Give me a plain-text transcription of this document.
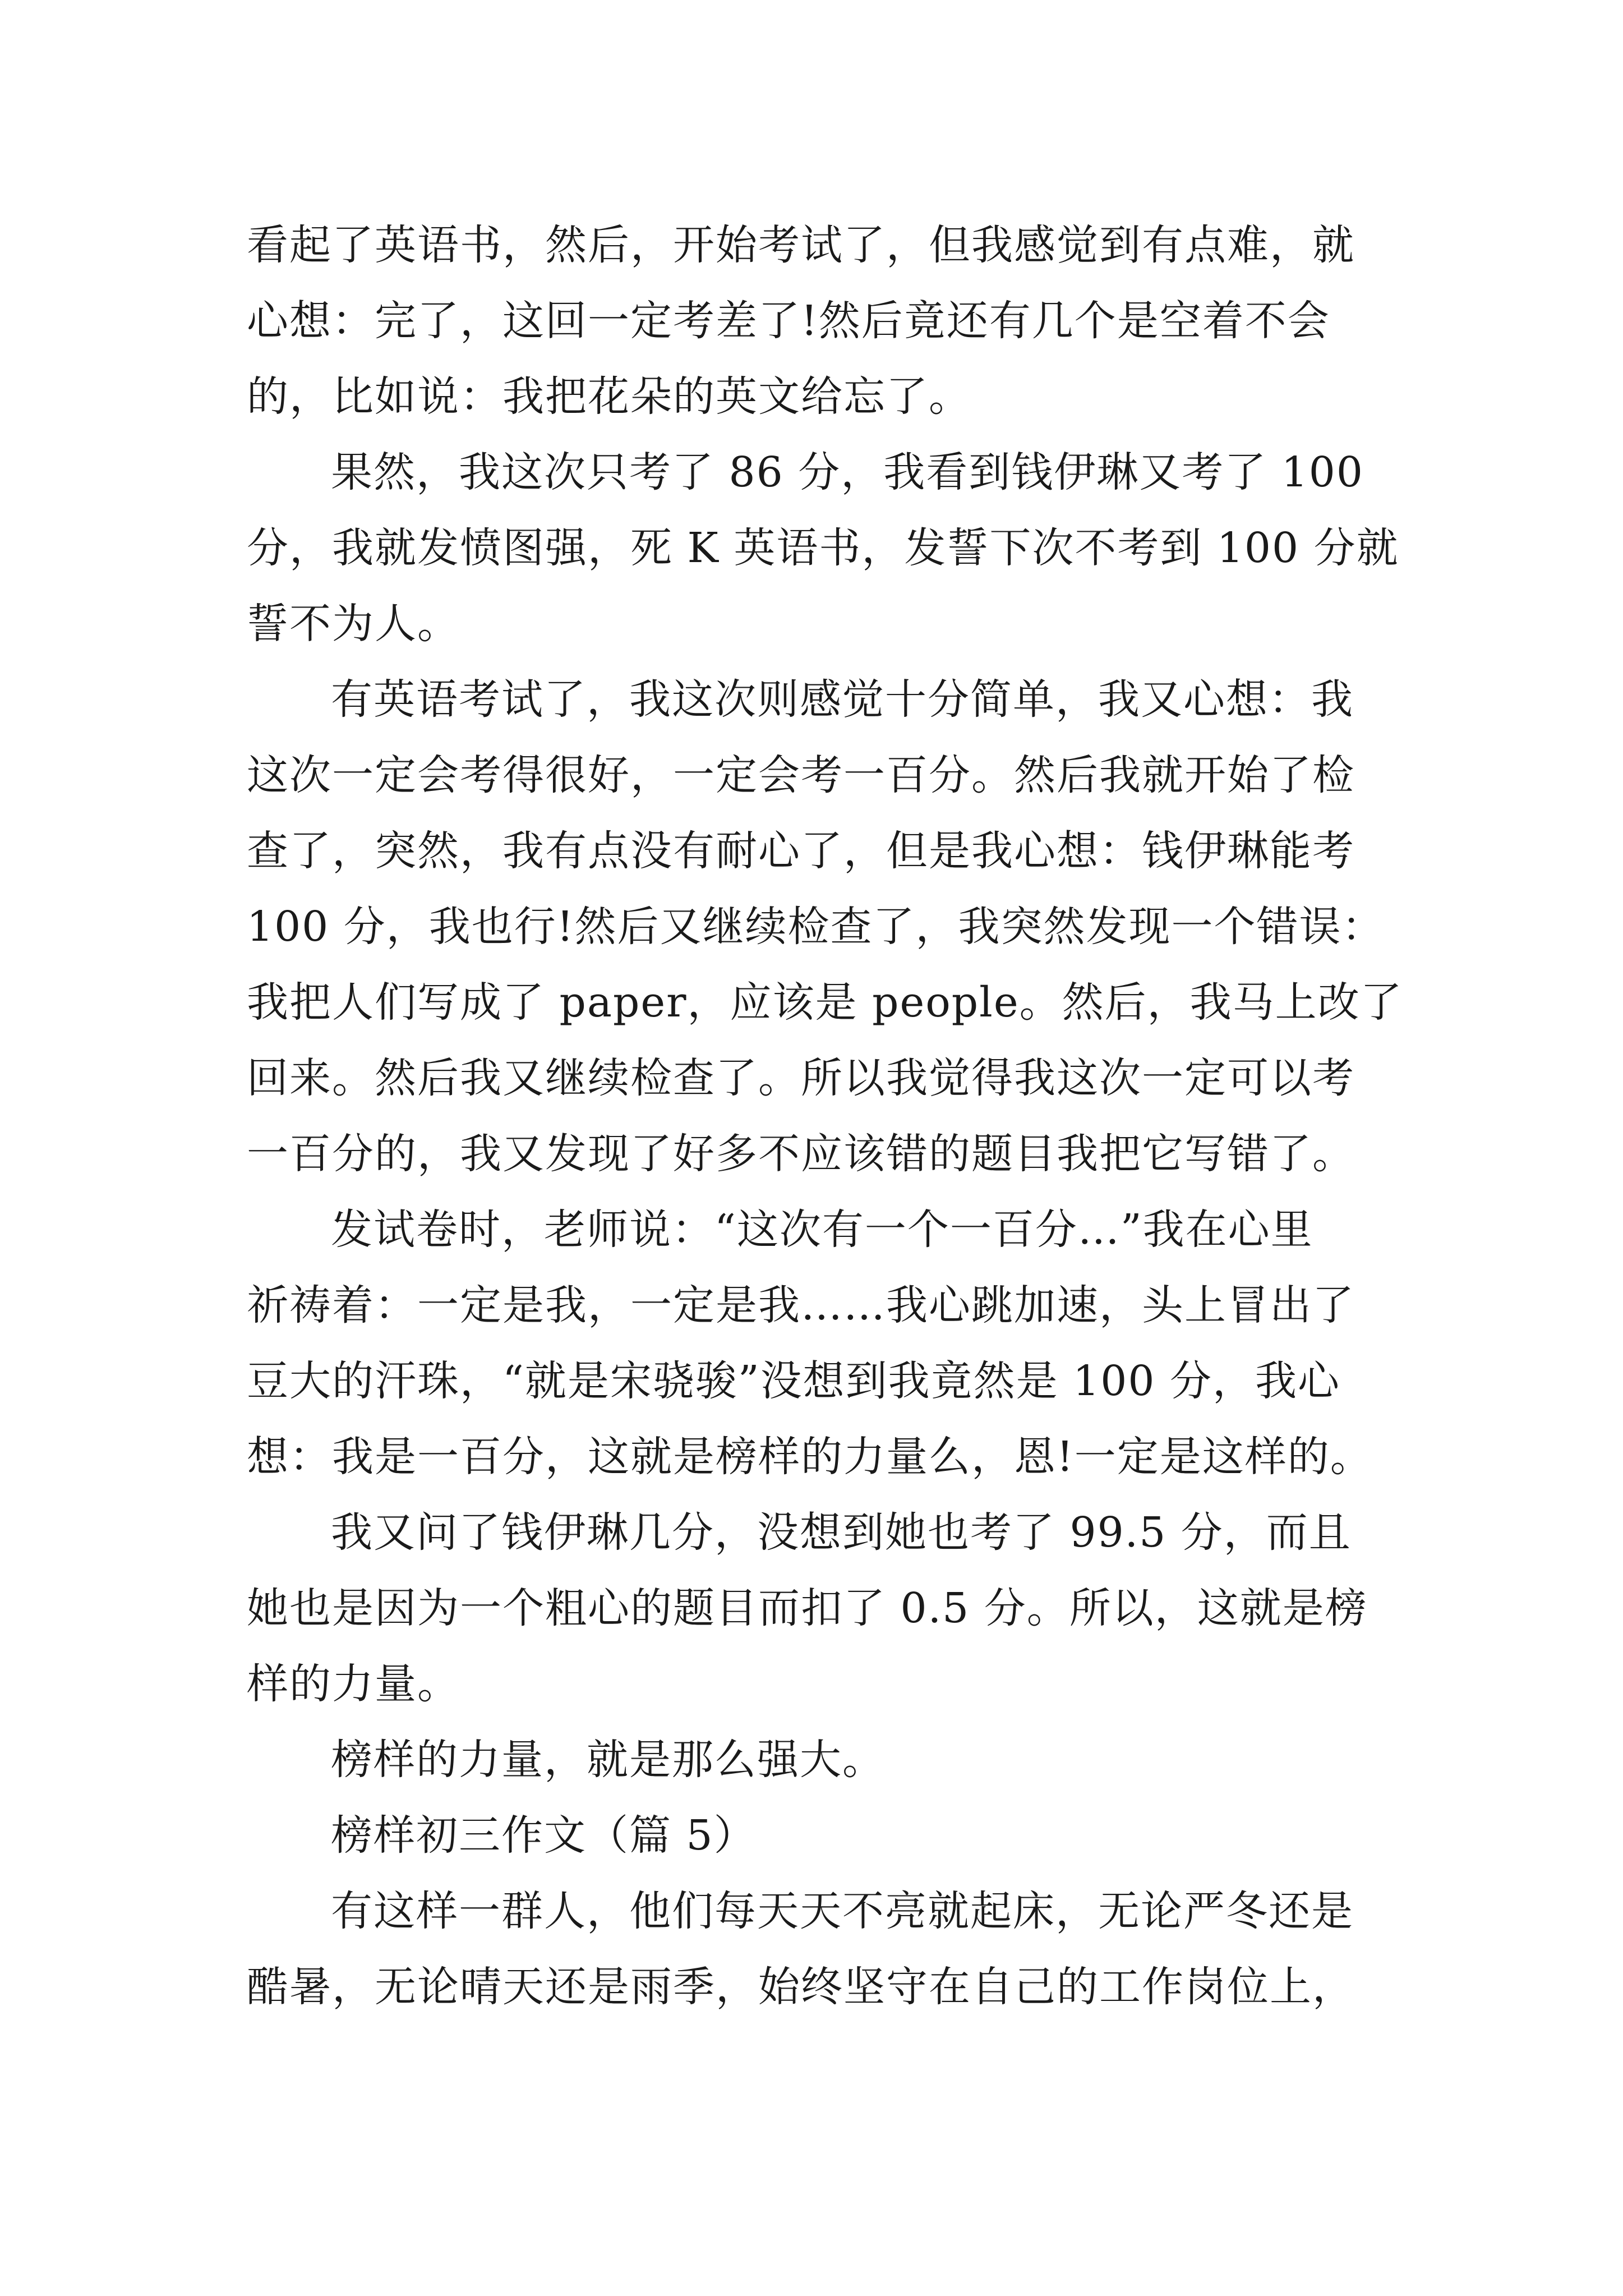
看起了英语书，然后，开始考试了，但我感觉到有点难，就
心想：完了，这回一定考差了!然后竟还有几个是空着不会
的，比如说：我把花朵的英文给忘了。
果然，我这次只考了 86 分，我看到钱伊琳又考了 100
分，我就发愤图强，死 K 英语书，发誓下次不考到 100 分就
誓不为人。
有英语考试了，我这次则感觉十分简单，我又心想：我
这次一定会考得很好，一定会考一百分。然后我就开始了检
查了，突然，我有点没有耐心了，但是我心想：钱伊琳能考
100 分，我也行!然后又继续检查了，我突然发现一个错误：
我把人们写成了 paper，应该是 people。然后，我马上改了
回来。然后我又继续检查了。所以我觉得我这次一定可以考
一百分的，我又发现了好多不应该错的题目我把它写错了。
发试卷时，老师说：“这次有一个一百分…”我在心里
祈祷着：一定是我，一定是我……我心跳加速，头上冒出了
豆大的汗珠，“就是宋骁骏”没想到我竟然是 100 分，我心
想：我是一百分，这就是榜样的力量么，恩!一定是这样的。
我又问了钱伊琳几分，没想到她也考了 99.5 分，而且
她也是因为一个粗心的题目而扣了 0.5 分。所以，这就是榜
样的力量。
榜样的力量，就是那么强大。
榜样初三作文（篇 5）
有这样一群人，他们每天天不亮就起床，无论严冬还是
酷暑，无论晴天还是雨季，始终坚守在自己的工作岗位上，
